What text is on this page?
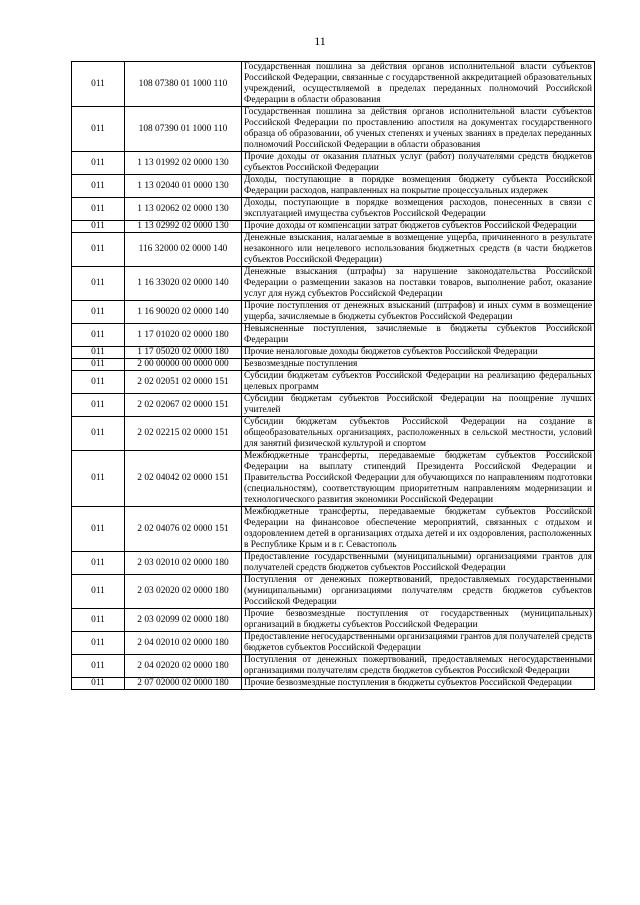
11
011	108 07380 01 1000 110	Государственная пошлина за действия органов исполнительной власти субъектов Российской Федерации, связанные с государственной аккредитацией образовательных учреждений, осуществляемой в пределах переданных полномочий Российской Федерации в области образования
011	108 07390 01 1000 110	Государственная пошлина за действия органов исполнительной власти субъектов Российской Федерации по проставлению апостиля на документах государственного образца об образовании, об ученых степенях и ученых званиях в пределах переданных полномочий Российской Федерации в области образования
011	1 13 01992 02 0000 130	Прочие доходы от оказания платных услуг (работ) получателями средств бюджетов субъектов Российской Федерации
011	1 13 02040 01 0000 130	Доходы, поступающие в порядке возмещения бюджету субъекта Российской Федерации расходов, направленных на покрытие процессуальных издержек
011	1 13 02062 02 0000 130	Доходы, поступающие в порядке возмещения расходов, понесенных в связи с эксплуатацией имущества субъектов Российской Федерации
011	1 13 02992 02 0000 130	Прочие доходы от компенсации затрат бюджетов субъектов Российской Федерации
011	116 32000 02 0000 140	Денежные взыскания, налагаемые в возмещение ущерба, причиненного в результате незаконного или нецелевого использования бюджетных средств (в части бюджетов субъектов Российской Федерации)
011	1 16 33020 02 0000 140	Денежные взыскания (штрафы) за нарушение законодательства Российской Федерации о размещении заказов на поставки товаров, выполнение работ, оказание услуг для нужд субъектов Российской Федерации
011	1 16 90020 02 0000 140	Прочие поступления от денежных взысканий (штрафов) и иных сумм в возмещение ущерба, зачисляемые в бюджеты субъектов Российской Федерации
011	1 17 01020 02 0000 180	Невыясненные поступления, зачисляемые в бюджеты субъектов Российской Федерации
011	1 17 05020 02 0000 180	Прочие неналоговые доходы бюджетов субъектов Российской Федерации
011	2 00 00000 00 0000 000	Безвозмездные поступления
011	2 02 02051 02 0000 151	Субсидии бюджетам субъектов Российской Федерации на реализацию федеральных целевых программ
011	2 02 02067 02 0000 151	Субсидии бюджетам субъектов Российской Федерации на поощрение лучших учителей
011	2 02 02215 02 0000 151	Субсидии бюджетам субъектов Российской Федерации на создание в общеобразовательных организациях, расположенных в сельской местности, условий для занятий физической культурой и спортом
011	2 02 04042 02 0000 151	Межбюджетные трансферты, передаваемые бюджетам субъектов Российской Федерации на выплату стипендий Президента Российской Федерации и Правительства Российской Федерации для обучающихся по направлениям подготовки (специальностям), соответствующим приоритетным направлениям модернизации и технологического развития экономики Российской Федерации
011	2 02 04076 02 0000 151	Межбюджетные трансферты, передаваемые бюджетам субъектов Российской Федерации на финансовое обеспечение мероприятий, связанных с отдыхом и оздоровлением детей в организациях отдыха детей и их оздоровления, расположенных в Республике Крым и в г. Севастополь
011	2 03 02010 02 0000 180	Предоставление государственными (муниципальными) организациями грантов для получателей средств бюджетов субъектов Российской Федерации
011	2 03 02020 02 0000 180	Поступления от денежных пожертвований, предоставляемых государственными (муниципальными) организациями получателям средств бюджетов субъектов Российской Федерации
011	2 03 02099 02 0000 180	Прочие безвозмездные поступления от государственных (муниципальных) организаций в бюджеты субъектов Российской Федерации
011	2 04 02010 02 0000 180	Предоставление негосударственными организациями грантов для получателей средств бюджетов субъектов Российской Федерации
011	2 04 02020 02 0000 180	Поступления от денежных пожертвований, предоставляемых негосударственными организациями получателям средств бюджетов субъектов Российской Федерации
011	2 07 02000 02 0000 180	Прочие безвозмездные поступления в бюджеты субъектов Российской Федерации
